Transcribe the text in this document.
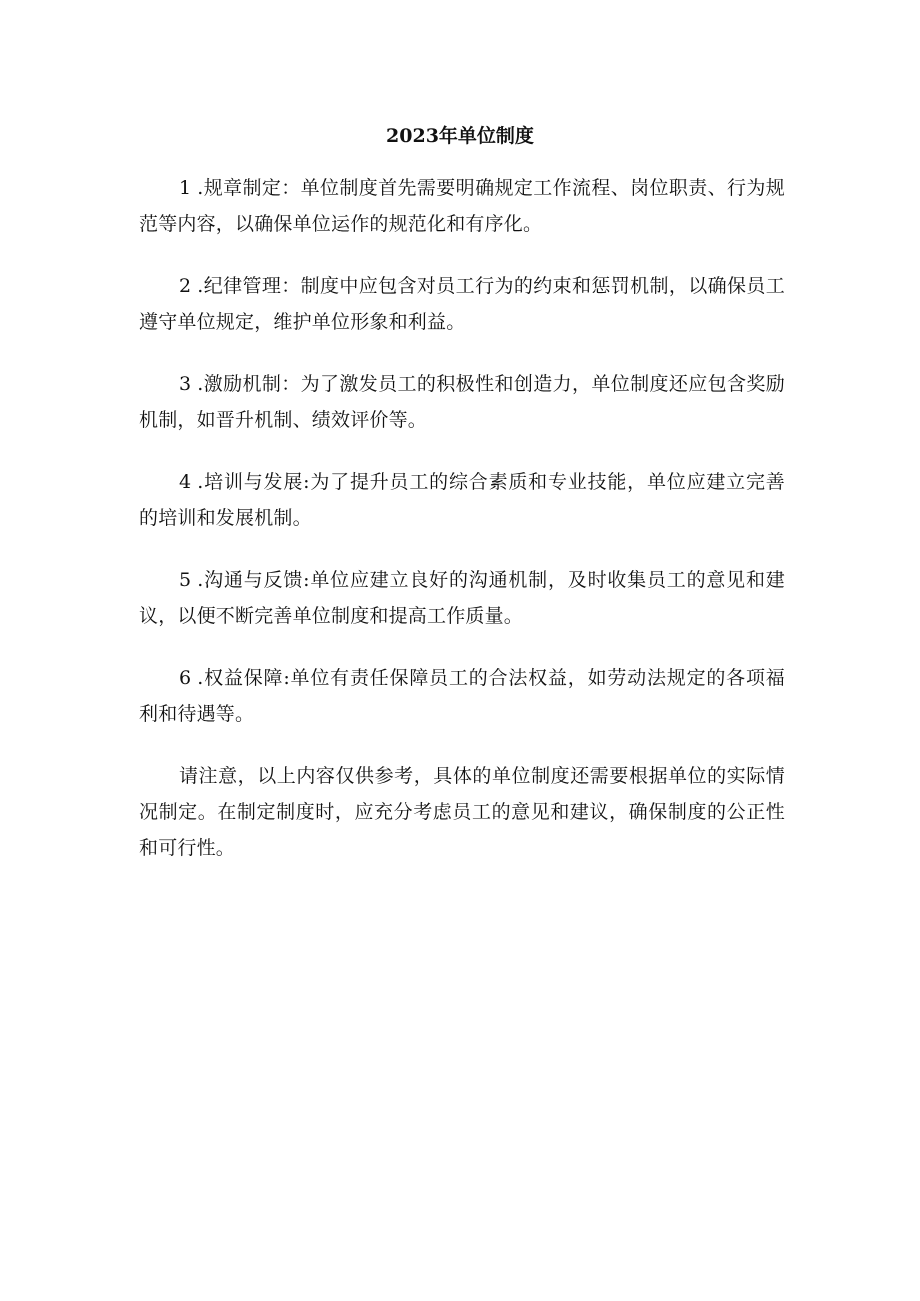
2023年单位制度

1 .规章制定：单位制度首先需要明确规定工作流程、岗位职责、行为规范等内容，以确保单位运作的规范化和有序化。

2 .纪律管理：制度中应包含对员工行为的约束和惩罚机制，以确保员工遵守单位规定，维护单位形象和利益。

3 .激励机制：为了激发员工的积极性和创造力，单位制度还应包含奖励机制，如晋升机制、绩效评价等。

4 .培训与发展:为了提升员工的综合素质和专业技能，单位应建立完善的培训和发展机制。

5 .沟通与反馈:单位应建立良好的沟通机制，及时收集员工的意见和建议，以便不断完善单位制度和提高工作质量。

6 .权益保障:单位有责任保障员工的合法权益，如劳动法规定的各项福利和待遇等。

请注意，以上内容仅供参考，具体的单位制度还需要根据单位的实际情况制定。在制定制度时，应充分考虑员工的意见和建议，确保制度的公正性和可行性。
